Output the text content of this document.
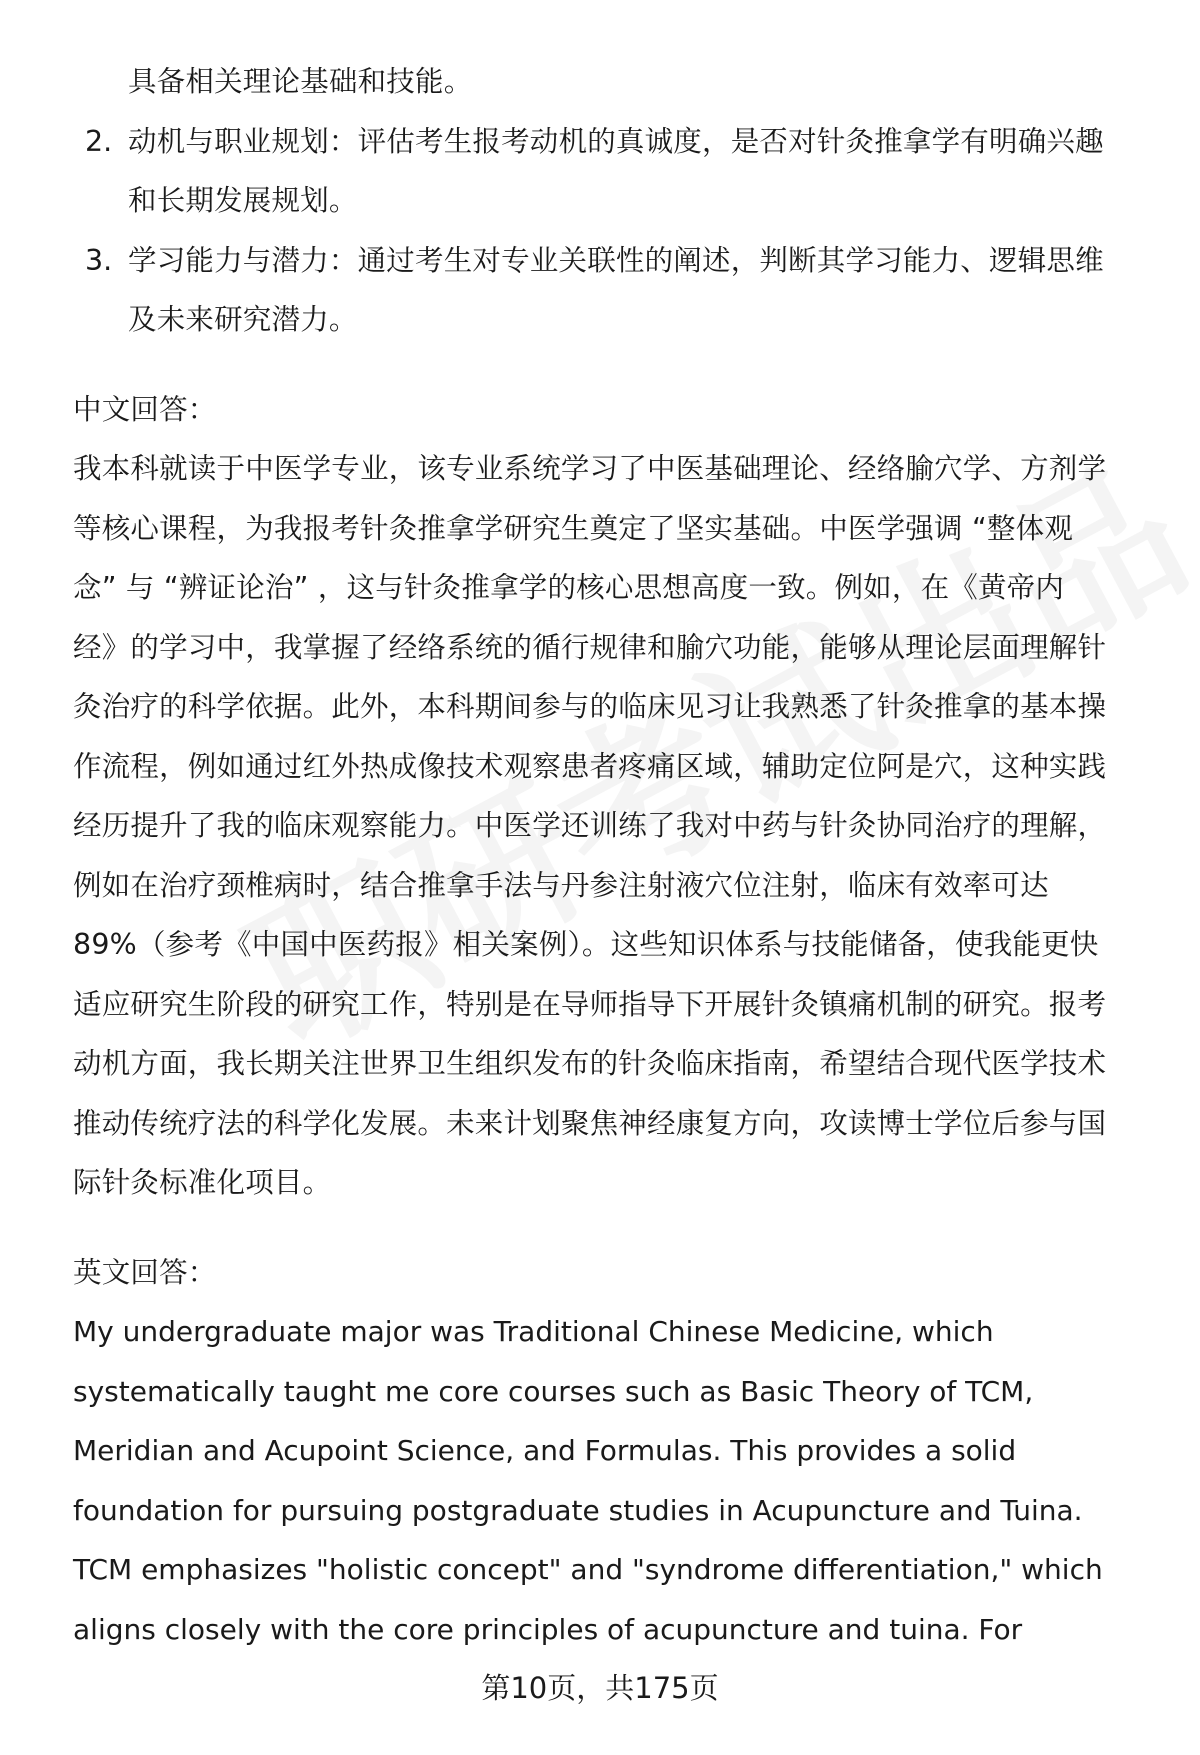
具备相关理论基础和技能。
2. 动机与职业规划：评估考生报考动机的真诚度，是否对针灸推拿学有明确兴趣
和长期发展规划。
3. 学习能力与潜力：通过考生对专业关联性的阐述，判断其学习能力、逻辑思维
及未来研究潜力。
中文回答：
我本科就读于中医学专业，该专业系统学习了中医基础理论、经络腧穴学、方剂学
等核心课程，为我报考针灸推拿学研究生奠定了坚实基础。中医学强调 “整体观
念” 与 “辨证论治” ，这与针灸推拿学的核心思想高度一致。例如，在《黄帝内
经》的学习中，我掌握了经络系统的循行规律和腧穴功能，能够从理论层面理解针
灸治疗的科学依据。此外，本科期间参与的临床见习让我熟悉了针灸推拿的基本操
作流程，例如通过红外热成像技术观察患者疼痛区域，辅助定位阿是穴，这种实践
经历提升了我的临床观察能力。中医学还训练了我对中药与针灸协同治疗的理解，
例如在治疗颈椎病时，结合推拿手法与丹参注射液穴位注射，临床有效率可达
89%（参考《中国中医药报》相关案例）。这些知识体系与技能储备，使我能更快
适应研究生阶段的研究工作，特别是在导师指导下开展针灸镇痛机制的研究。报考
动机方面，我长期关注世界卫生组织发布的针灸临床指南，希望结合现代医学技术
推动传统疗法的科学化发展。未来计划聚焦神经康复方向，攻读博士学位后参与国
际针灸标准化项目。
英文回答：
My undergraduate major was Traditional Chinese Medicine, which
systematically taught me core courses such as Basic Theory of TCM,
Meridian and Acupoint Science, and Formulas. This provides a solid
foundation for pursuing postgraduate studies in Acupuncture and Tuina.
TCM emphasizes "holistic concept" and "syndrome differentiation," which
aligns closely with the core principles of acupuncture and tuina. For
第10页，共175页
